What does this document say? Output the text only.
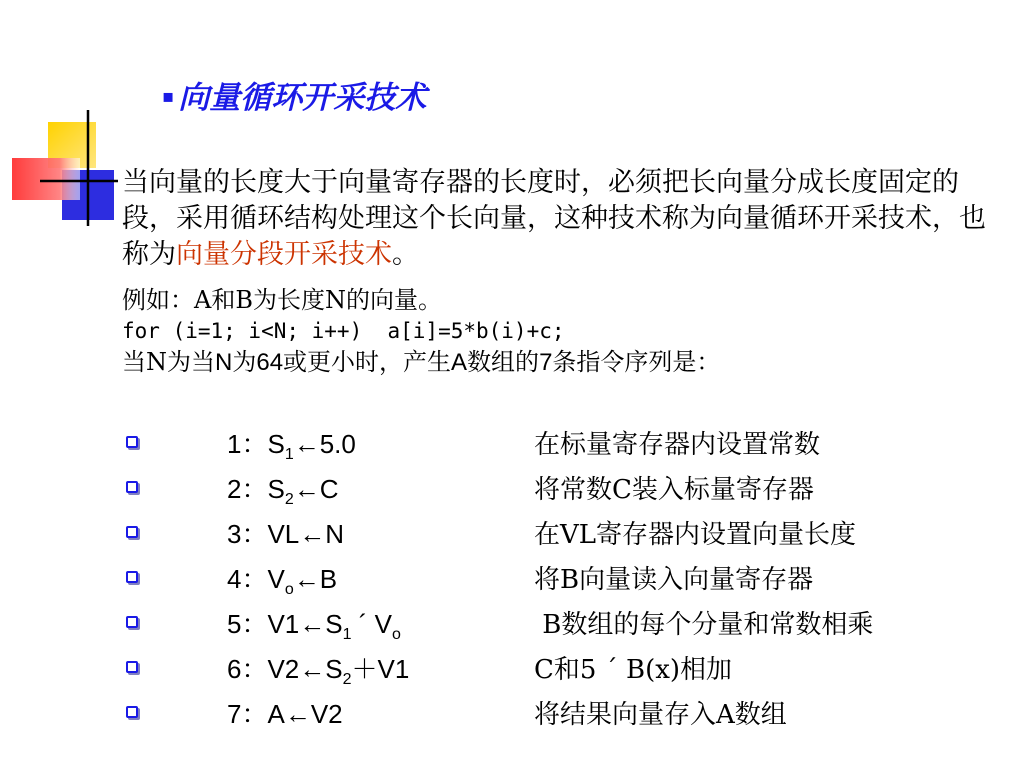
▪ 向量循环开采技术
当向量的长度大于向量寄存器的长度时，必须把长向量分成长度固定的段，采用循环结构处理这个长向量，这种技术称为向量循环开采技术，也称为向量分段开采技术。
例如：A和B为长度N的向量。
for (i=1; i<N; i++)  a[i]=5*b(i)+c;
当N为当N为64或更小时，产生A数组的7条指令序列是：
1：$S_1\leftarrow 5.0$	在标量寄存器内设置常数
2：$S_2\leftarrow C$	将常数C装入标量寄存器
3：VL←N	在VL寄存器内设置向量长度
4：$V_o\leftarrow B$	将B向量读入向量寄存器
5：$V1\leftarrow S_1$ ´ $V_o$	B数组的每个分量和常数相乘
6：$V2\leftarrow S_2+V1$	C和5 ´ B(x)相加
7：A←V2	将结果向量存入A数组
